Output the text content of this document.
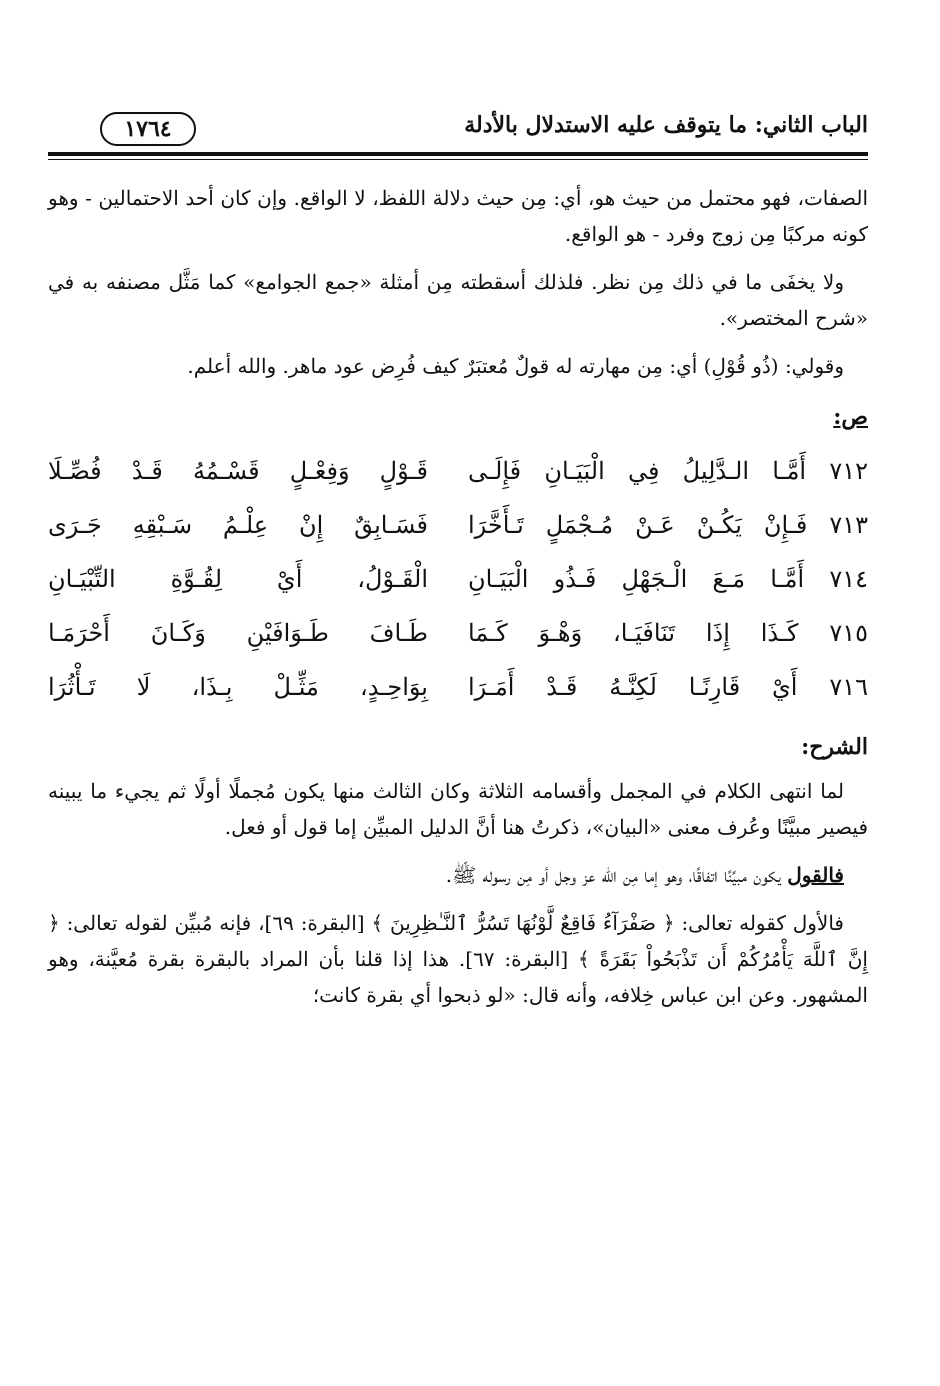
الباب الثاني: ما يتوقف عليه الاستدلال بالأدلة
١٧٦٤

الصفات، فهو محتمل من حيث هو، أي: مِن حيث دلالة اللفظ، لا الواقع. وإن كان أحد الاحتمالين - وهو كونه مركبًا مِن زوج وفرد - هو الواقع.

ولا يخفَى ما في ذلك مِن نظر. فلذلك أسقطته مِن أمثلة «جمع الجوامع» كما مَثَّل مصنفه به في «شرح المختصر».

وقولي: (ذُو قُوْلِ) أي: مِن مهارته له قولٌ مُعتبَرٌ كيف فُرِض عود ماهر. والله أعلم.

ص:
٧١٢ أَمَّـا الـدَّلِيلُ فِي الْبَيَـانِ فَإِلَـى
قَـوْلٍ وَفِعْـلٍ قَسْـمُهُ قَـدْ فُصِّـلَا
٧١٣ فَـإِنْ يَكُـنْ عَـنْ مُـجْمَلٍ تَـأَخَّرَا
فَسَـابِقٌ إِنْ عِلْـمُ سَـبْقِهِ جَـرَى
٧١٤ أَمَّـا مَـعَ الْـجَهْلِ فَـذُو الْبَيَـانِ
الْقَـوْلُ، أَيْ لِقُـوَّةِ التِّبْيَـانِ
٧١٥ كَـذَا إِذَا تَنَافَيَـا، وَهْـوَ كَـمَا
طَـافَ طَـوَافَيْنِ وَكَـانَ أَحْرَمَـا
٧١٦ أَيْ قَارِنًـا لَكِنَّـهُ قَـدْ أَمَـرَا
بِوَاحِـدٍ، مَثِّـلْ بِـذَا، لَا تَـأْثُرَا
الشرح:

لما انتهى الكلام في المجمل وأقسامه الثلاثة وكان الثالث منها يكون مُجملًا أولًا ثم يجيء ما يبينه فيصير مبيَّنًا وعُرف معنى «البيان»، ذكرتُ هنا أنَّ الدليل المبيِّن إما قول أو فعل.

فالقول يكون مبيِّنًا اتفاقًا، وهو إما مِن الله عز وجل أو مِن رسوله ﷺ.

فالأول كقوله تعالى: ﴿ صَفْرَآءُ فَاقِعٌ لَّوْنُهَا تَسُرُّ ٱلنَّـٰظِرِينَ ﴾ [البقرة: ٦٩]، فإنه مُبيِّن لقوله تعالى: ﴿ إِنَّ ٱللَّهَ يَأْمُرُكُمْ أَن تَذْبَحُواْ بَقَرَةً ﴾ [البقرة: ٦٧]. هذا إذا قلنا بأن المراد بالبقرة بقرة مُعيَّنة، وهو المشهور. وعن ابن عباس خِلافه، وأنه قال: «لو ذبحوا أي بقرة كانت؛
